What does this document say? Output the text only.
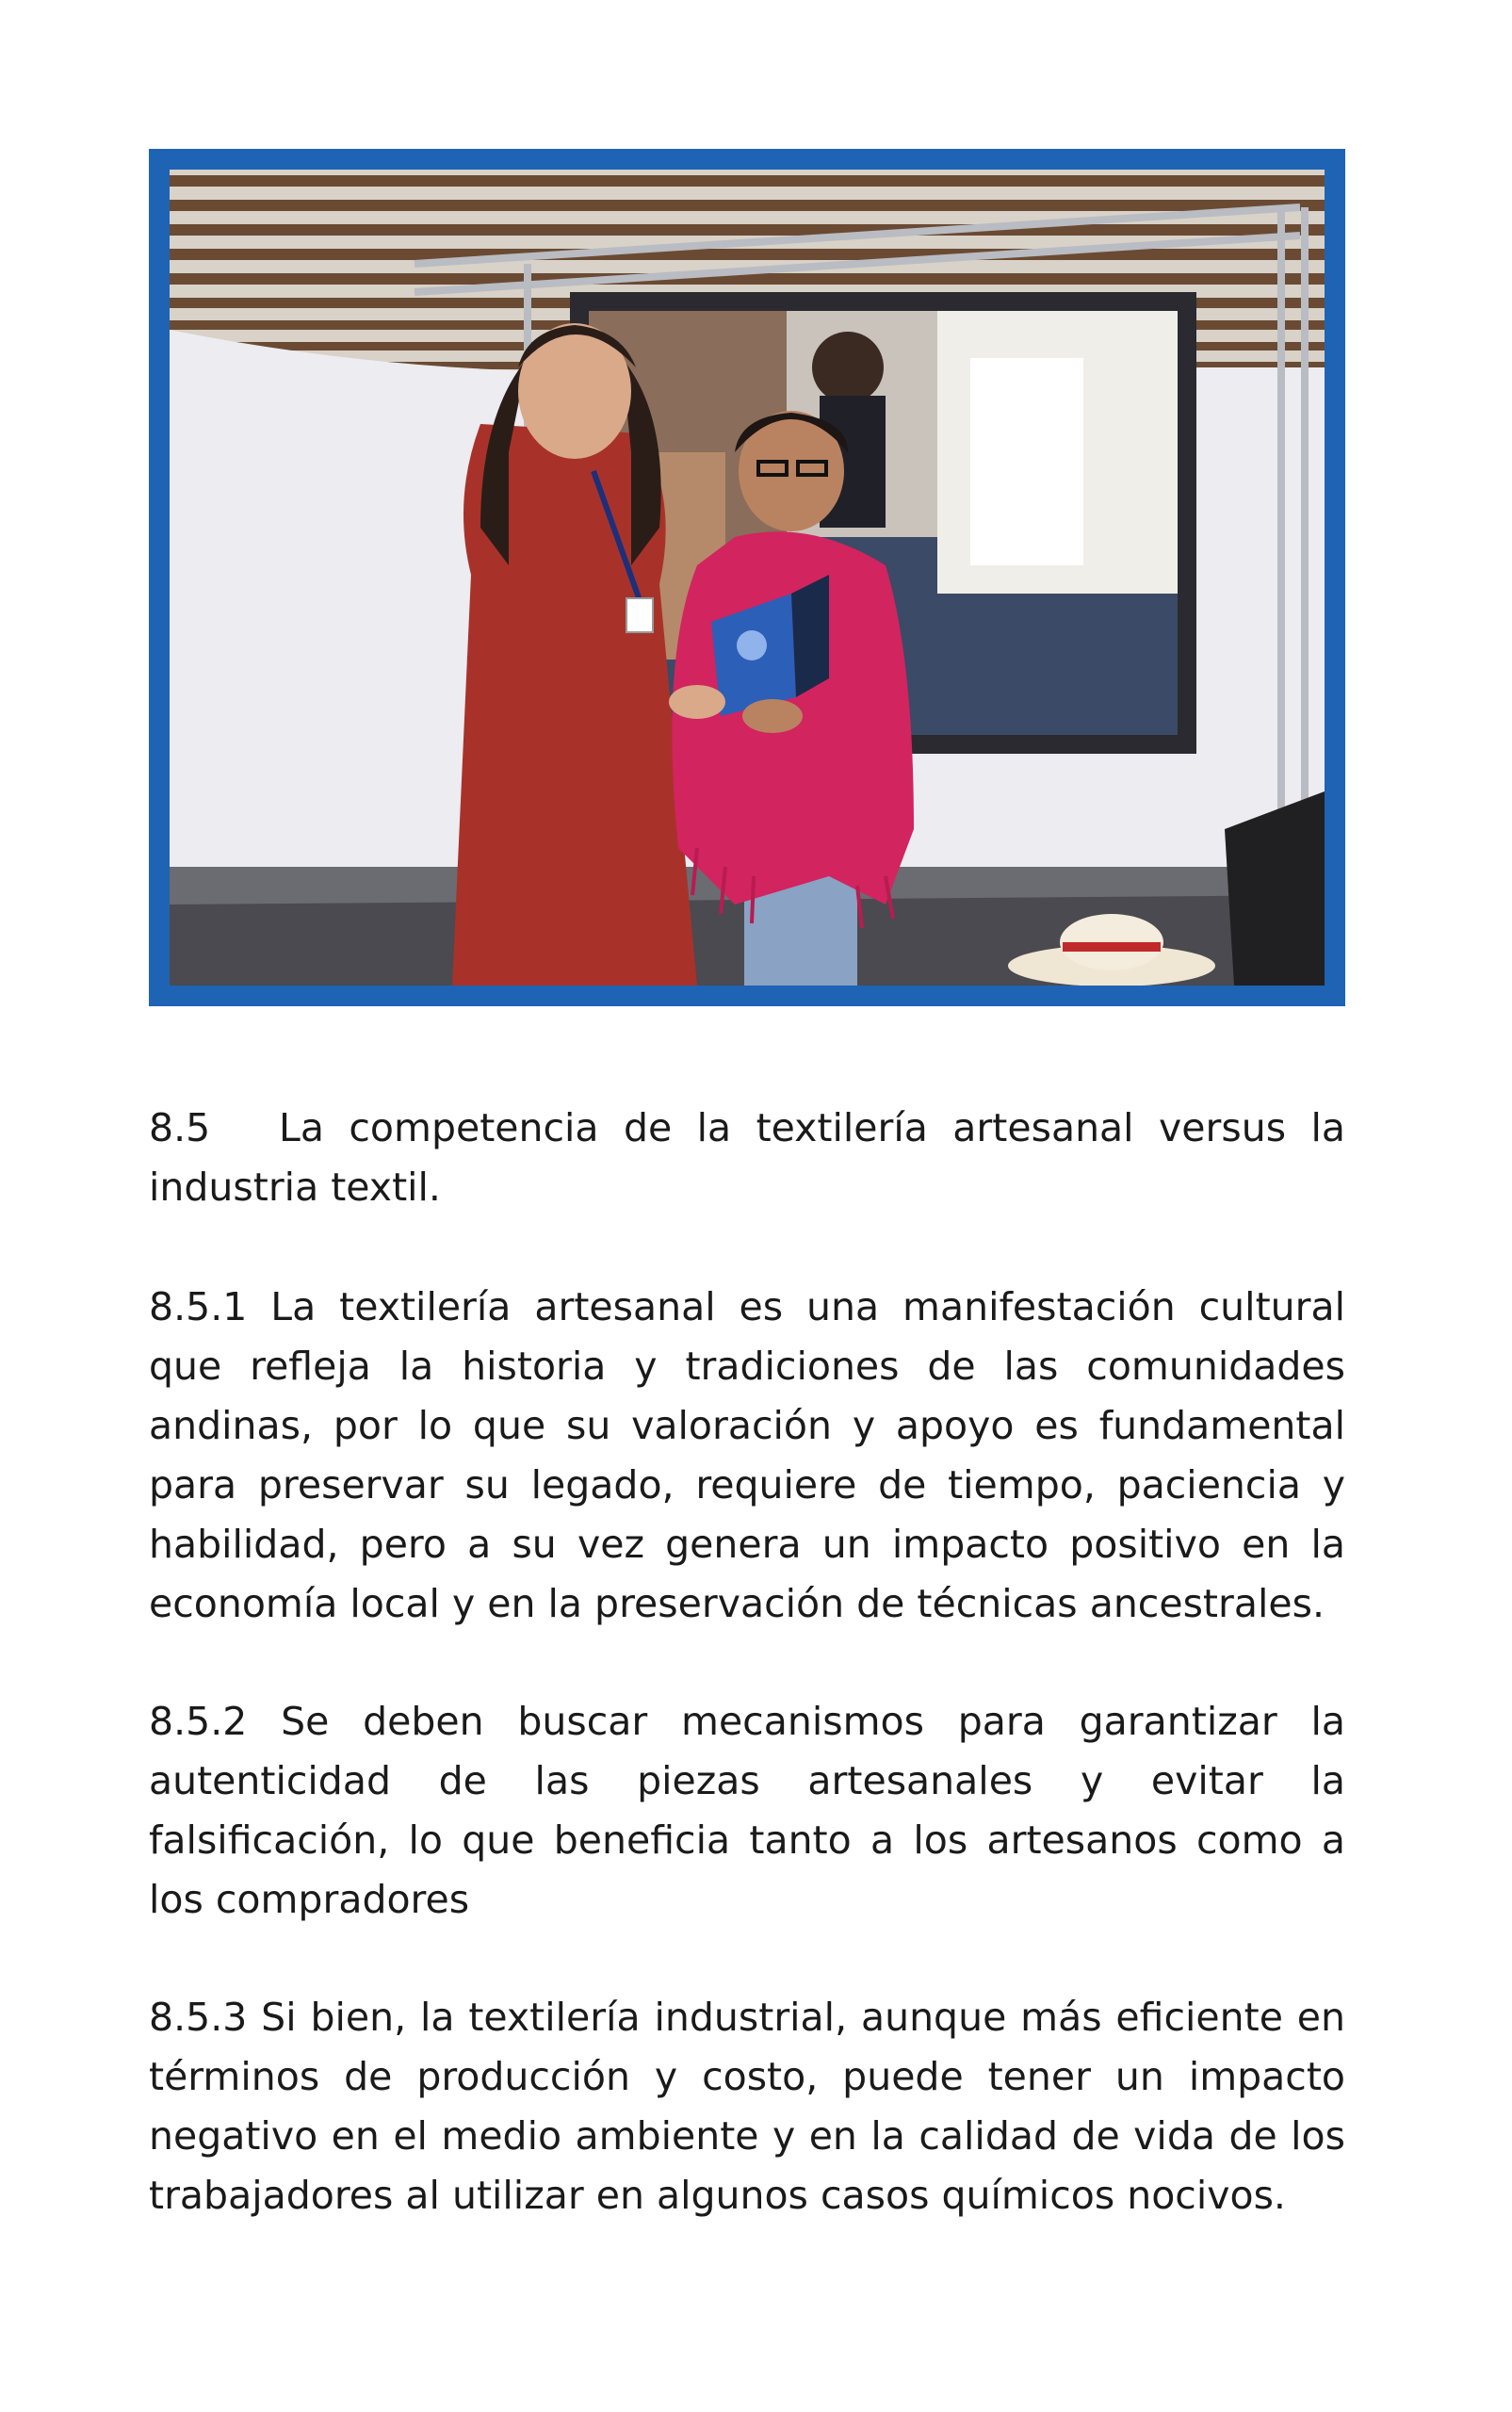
8.5 La competencia de la textilería artesanal versus la industria textil.
8.5.1 La textilería artesanal es una manifestación cultural que refleja la historia y tradiciones de las comunidades andinas, por lo que su valoración y apoyo es fundamental para preservar su legado, requiere de tiempo, paciencia y habilidad, pero a su vez genera un impacto positivo en la economía local y en la preservación de técnicas ancestrales.
8.5.2 Se deben buscar mecanismos para garantizar la autenticidad de las piezas artesanales y evitar la falsificación, lo que beneficia tanto a los artesanos como a los compradores
8.5.3 Si bien, la textilería industrial, aunque más eficiente en términos de producción y costo, puede tener un impacto negativo en el medio ambiente y en la calidad de vida de los trabajadores al utilizar en algunos casos químicos nocivos.
